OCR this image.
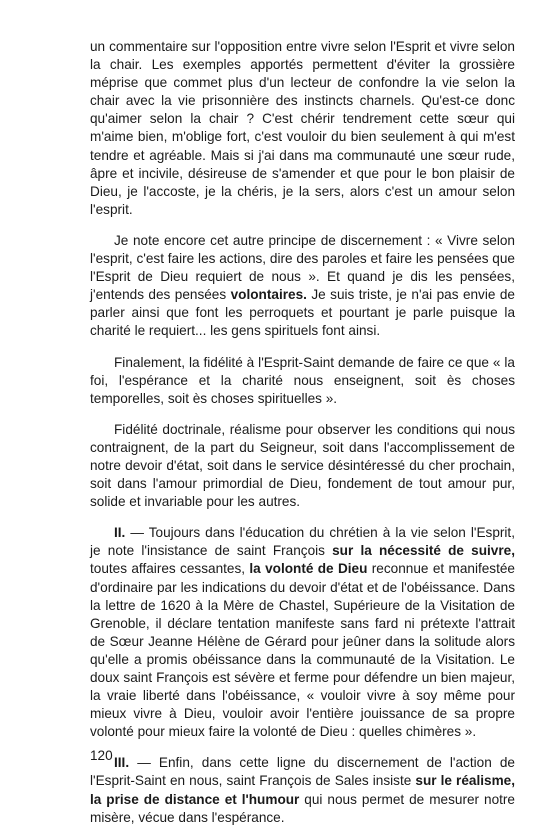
un commentaire sur l'opposition entre vivre selon l'Esprit et vivre selon la chair. Les exemples apportés permettent d'éviter la grossière méprise que commet plus d'un lecteur de confondre la vie selon la chair avec la vie prisonnière des instincts charnels. Qu'est-ce donc qu'aimer selon la chair ? C'est chérir tendrement cette sœur qui m'aime bien, m'oblige fort, c'est vouloir du bien seulement à qui m'est tendre et agréable. Mais si j'ai dans ma communauté une sœur rude, âpre et incivile, désireuse de s'amender et que pour le bon plaisir de Dieu, je l'accoste, je la chéris, je la sers, alors c'est un amour selon l'esprit.

Je note encore cet autre principe de discernement : « Vivre selon l'esprit, c'est faire les actions, dire des paroles et faire les pensées que l'Esprit de Dieu requiert de nous ». Et quand je dis les pensées, j'entends des pensées volontaires. Je suis triste, je n'ai pas envie de parler ainsi que font les perroquets et pourtant je parle puisque la charité le requiert... les gens spirituels font ainsi.

Finalement, la fidélité à l'Esprit-Saint demande de faire ce que « la foi, l'espérance et la charité nous enseignent, soit ès choses temporelles, soit ès choses spirituelles ».

Fidélité doctrinale, réalisme pour observer les conditions qui nous contraignent, de la part du Seigneur, soit dans l'accomplissement de notre devoir d'état, soit dans le service désintéressé du cher prochain, soit dans l'amour primordial de Dieu, fondement de tout amour pur, solide et invariable pour les autres.

II. — Toujours dans l'éducation du chrétien à la vie selon l'Esprit, je note l'insistance de saint François sur la nécessité de suivre, toutes affaires cessantes, la volonté de Dieu reconnue et manifestée d'ordinaire par les indications du devoir d'état et de l'obéissance. Dans la lettre de 1620 à la Mère de Chastel, Supérieure de la Visitation de Grenoble, il déclare tentation manifeste sans fard ni prétexte l'attrait de Sœur Jeanne Hélène de Gérard pour jeûner dans la solitude alors qu'elle a promis obéissance dans la communauté de la Visitation. Le doux saint François est sévère et ferme pour défendre un bien majeur, la vraie liberté dans l'obéissance, « vouloir vivre à soy même pour mieux vivre à Dieu, vouloir avoir l'entière jouissance de sa propre volonté pour mieux faire la volonté de Dieu : quelles chimères ».

III. — Enfin, dans cette ligne du discernement de l'action de l'Esprit-Saint en nous, saint François de Sales insiste sur le réalisme, la prise de distance et l'humour qui nous permet de mesurer notre misère, vécue dans l'espérance.

120
